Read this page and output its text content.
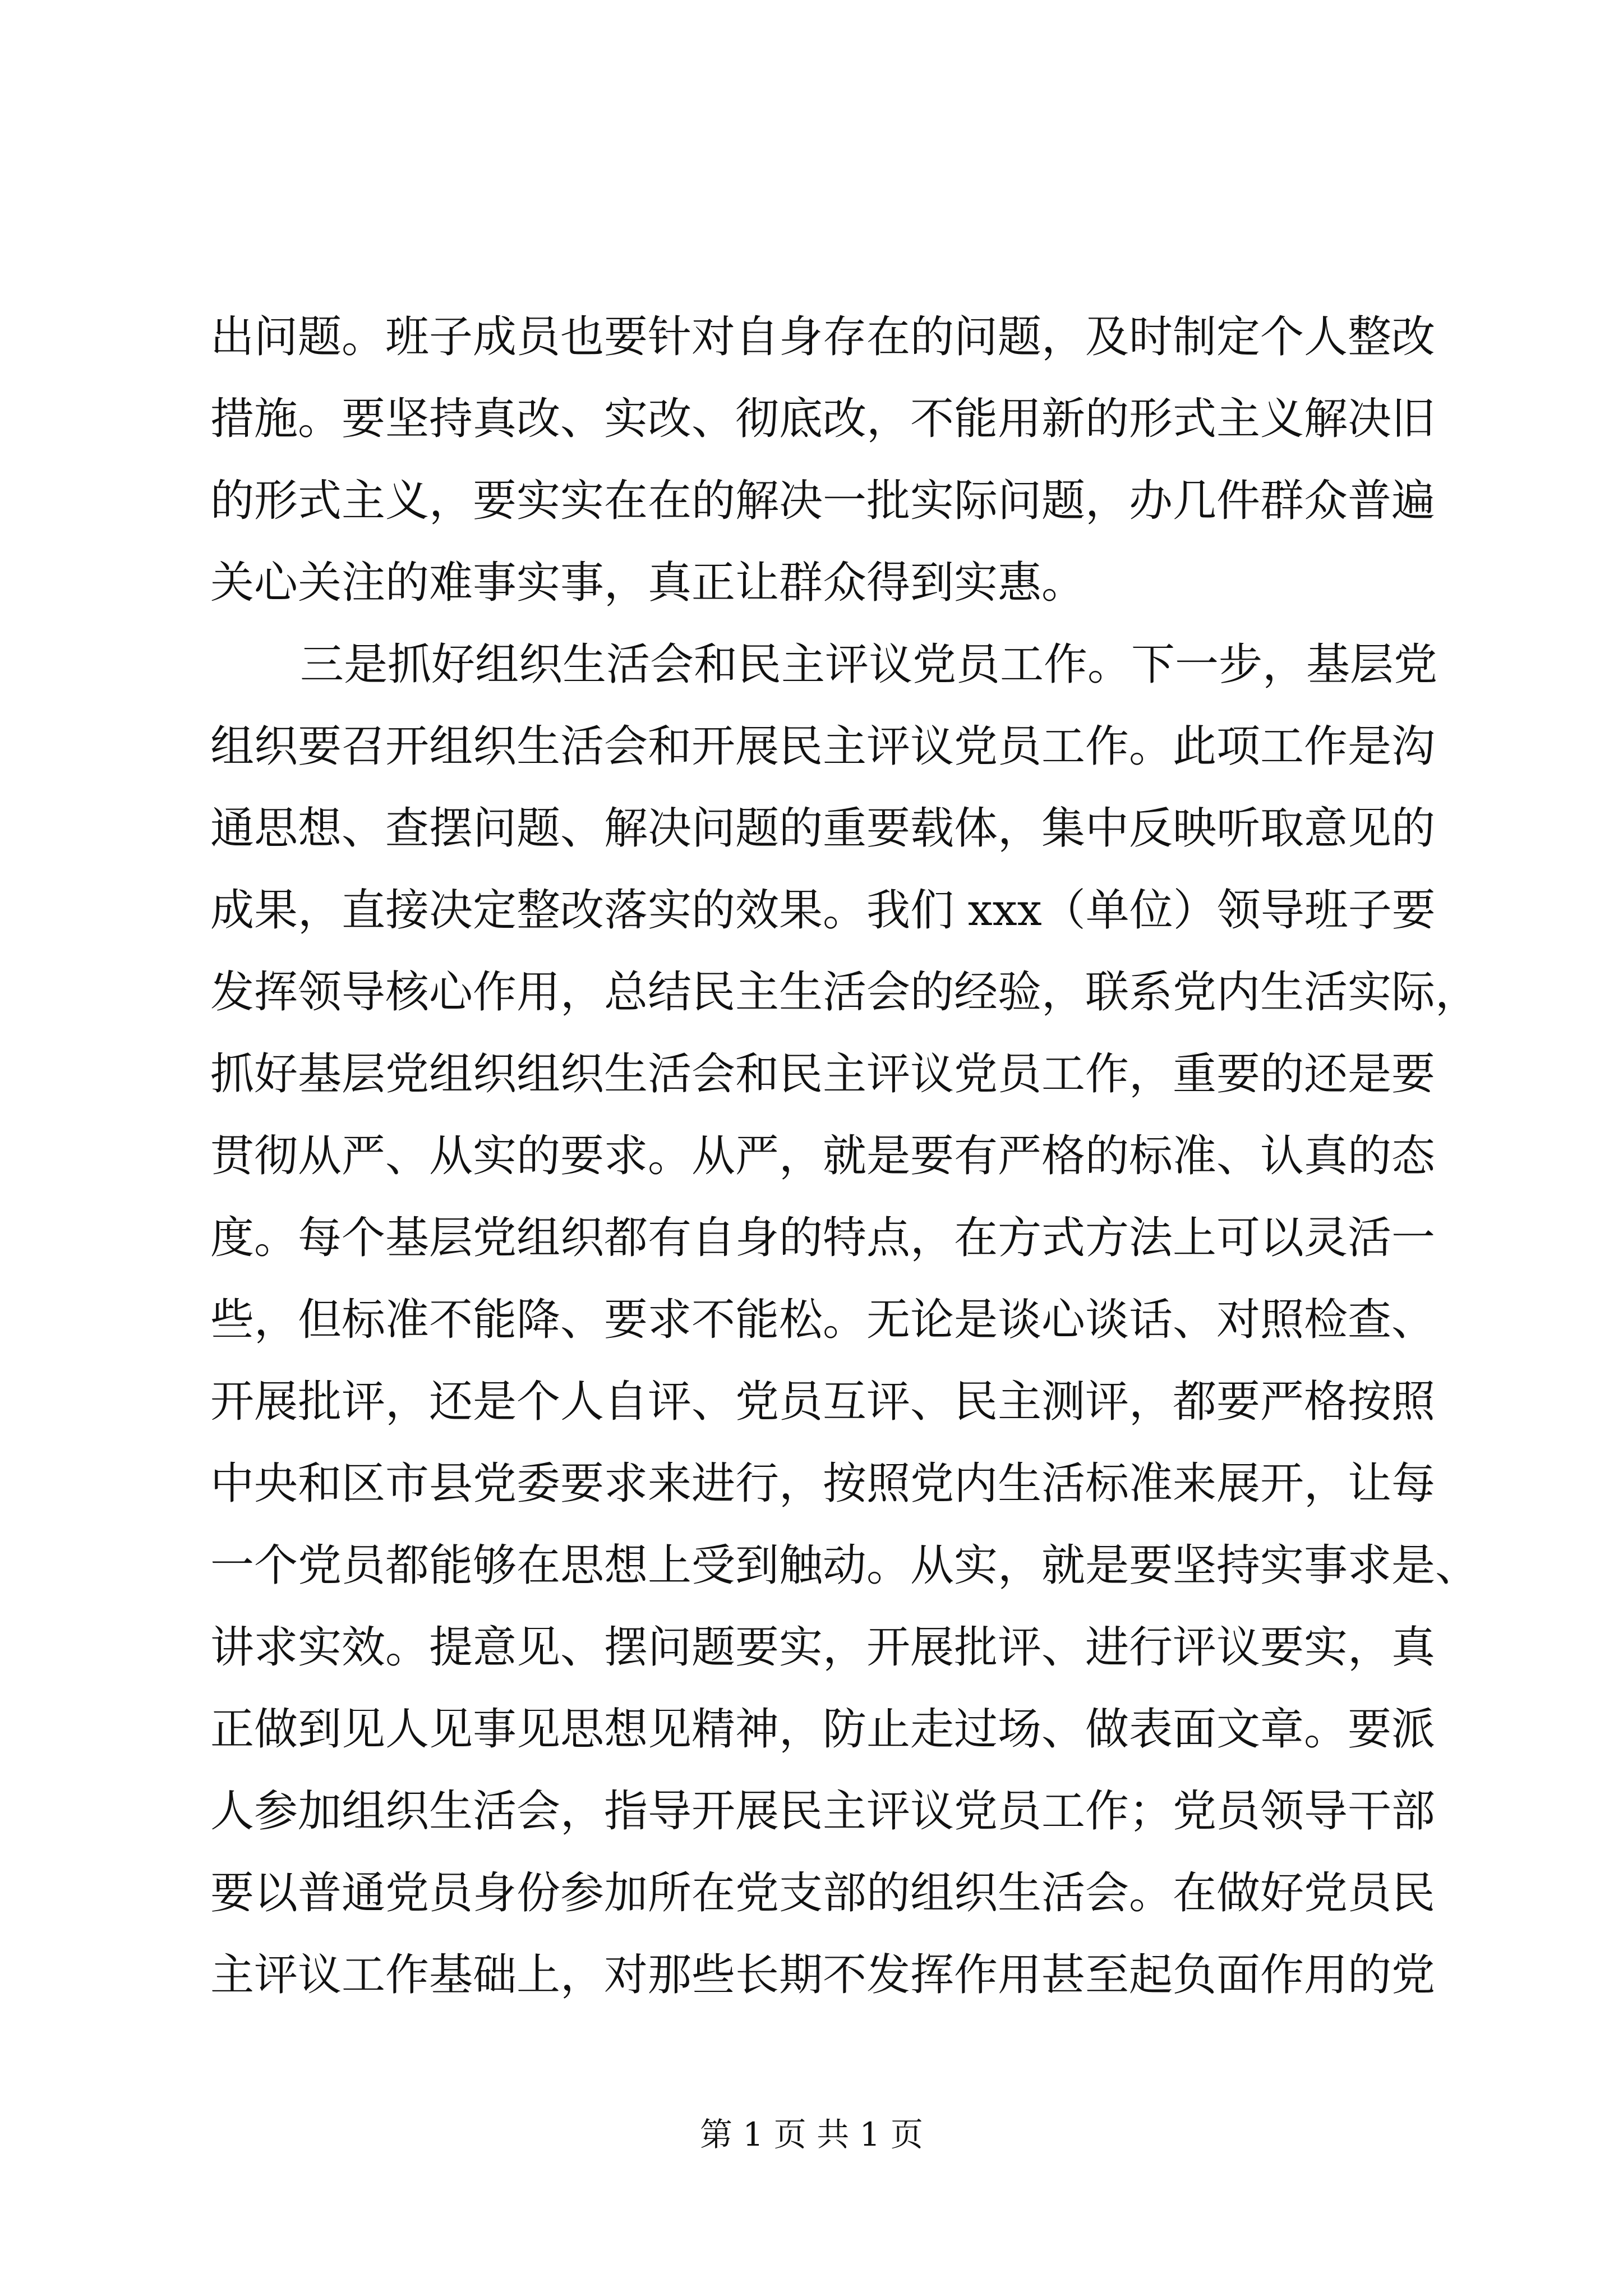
出问题。班子成员也要针对自身存在的问题，及时制定个人整改
措施。要坚持真改、实改、彻底改，不能用新的形式主义解决旧
的形式主义，要实实在在的解决一批实际问题，办几件群众普遍
关心关注的难事实事，真正让群众得到实惠。
三是抓好组织生活会和民主评议党员工作。下一步，基层党
组织要召开组织生活会和开展民主评议党员工作。此项工作是沟
通思想、查摆问题、解决问题的重要载体，集中反映听取意见的
成果，直接决定整改落实的效果。我们 xxx（单位）领导班子要
发挥领导核心作用，总结民主生活会的经验，联系党内生活实际，
抓好基层党组织组织生活会和民主评议党员工作，重要的还是要
贯彻从严、从实的要求。从严，就是要有严格的标准、认真的态
度。每个基层党组织都有自身的特点，在方式方法上可以灵活一
些，但标准不能降、要求不能松。无论是谈心谈话、对照检查、
开展批评，还是个人自评、党员互评、民主测评，都要严格按照
中央和区市县党委要求来进行，按照党内生活标准来展开，让每
一个党员都能够在思想上受到触动。从实，就是要坚持实事求是、
讲求实效。提意见、摆问题要实，开展批评、进行评议要实，真
正做到见人见事见思想见精神，防止走过场、做表面文章。要派
人参加组织生活会，指导开展民主评议党员工作；党员领导干部
要以普通党员身份参加所在党支部的组织生活会。在做好党员民
主评议工作基础上，对那些长期不发挥作用甚至起负面作用的党
第 1 页 共 1 页
